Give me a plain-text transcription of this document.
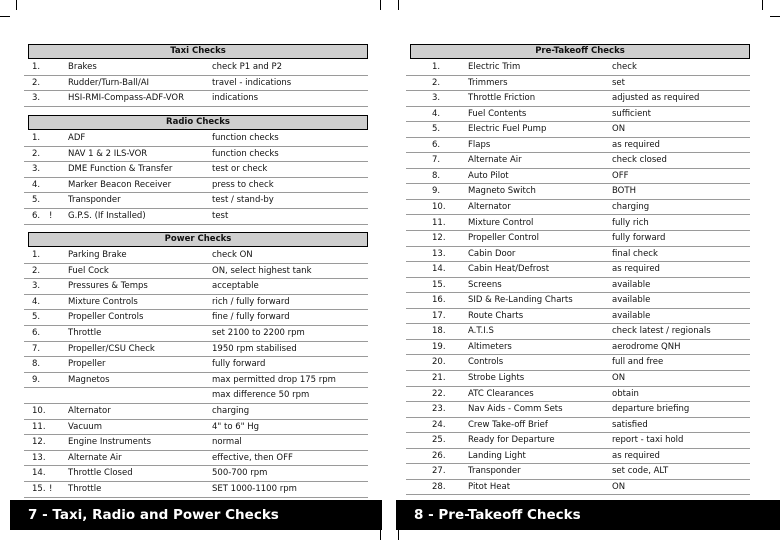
7 - Taxi, Radio and Power Checks
Taxi Checks
1.	Brakes	check P1 and P2
2.	Rudder/Turn-Ball/AI	travel - indications
3.	HSI-RMI-Compass-ADF-VOR	indications
Radio Checks
1.	ADF	function checks
2.	NAV 1 & 2 ILS-VOR	function checks
3.	DME Function & Transfer	test or check
4.	Marker Beacon Receiver	press to check
5.	Transponder	test / stand-by
6. ! G.P.S. (If Installed)	test
Power Checks
1.	Parking Brake	check ON
2.	Fuel Cock	ON, select highest tank
3.	Pressures & Temps	acceptable
4.	Mixture Controls	rich / fully forward
5.	Propeller Controls	fine / fully forward
6.	Throttle	set 2100 to 2200 rpm
7.	Propeller/CSU Check	1950 rpm stabilised
8.	Propeller	fully forward
9.	Magnetos	max permitted drop 175 rpm
max difference 50 rpm
10.	Alternator	charging
11.	Vacuum	4" to 6" Hg
12.	Engine Instruments	normal
13.	Alternate Air	effective, then OFF
14.	Throttle Closed	500-700 rpm
15. ! Throttle	SET 1000-1100 rpm
8 - Pre-Takeoff Checks
Pre-Takeoff Checks
1.	Electric Trim	check
2.	Trimmers	set
3.	Throttle Friction	adjusted as required
4.	Fuel Contents	sufficient
5.	Electric Fuel Pump	ON
6.	Flaps	as required
7.	Alternate Air	check closed
8.	Auto Pilot	OFF
9.	Magneto Switch	BOTH
10.	Alternator	charging
11.	Mixture Control	fully rich
12.	Propeller Control	fully forward
13.	Cabin Door	final check
14.	Cabin Heat/Defrost	as required
15.	Screens	available
16.	SID & Re-Landing Charts	available
17.	Route Charts	available
18.	A.T.I.S	check latest / regionals
19.	Altimeters	aerodrome QNH
20.	Controls	full and free
21.	Strobe Lights	ON
22.	ATC Clearances	obtain
23.	Nav Aids - Comm Sets	departure briefing
24.	Crew Take-off Brief	satisfied
25.	Ready for Departure	report - taxi hold
26.	Landing Light	as required
27.	Transponder	set code, ALT
28.	Pitot Heat	ON
